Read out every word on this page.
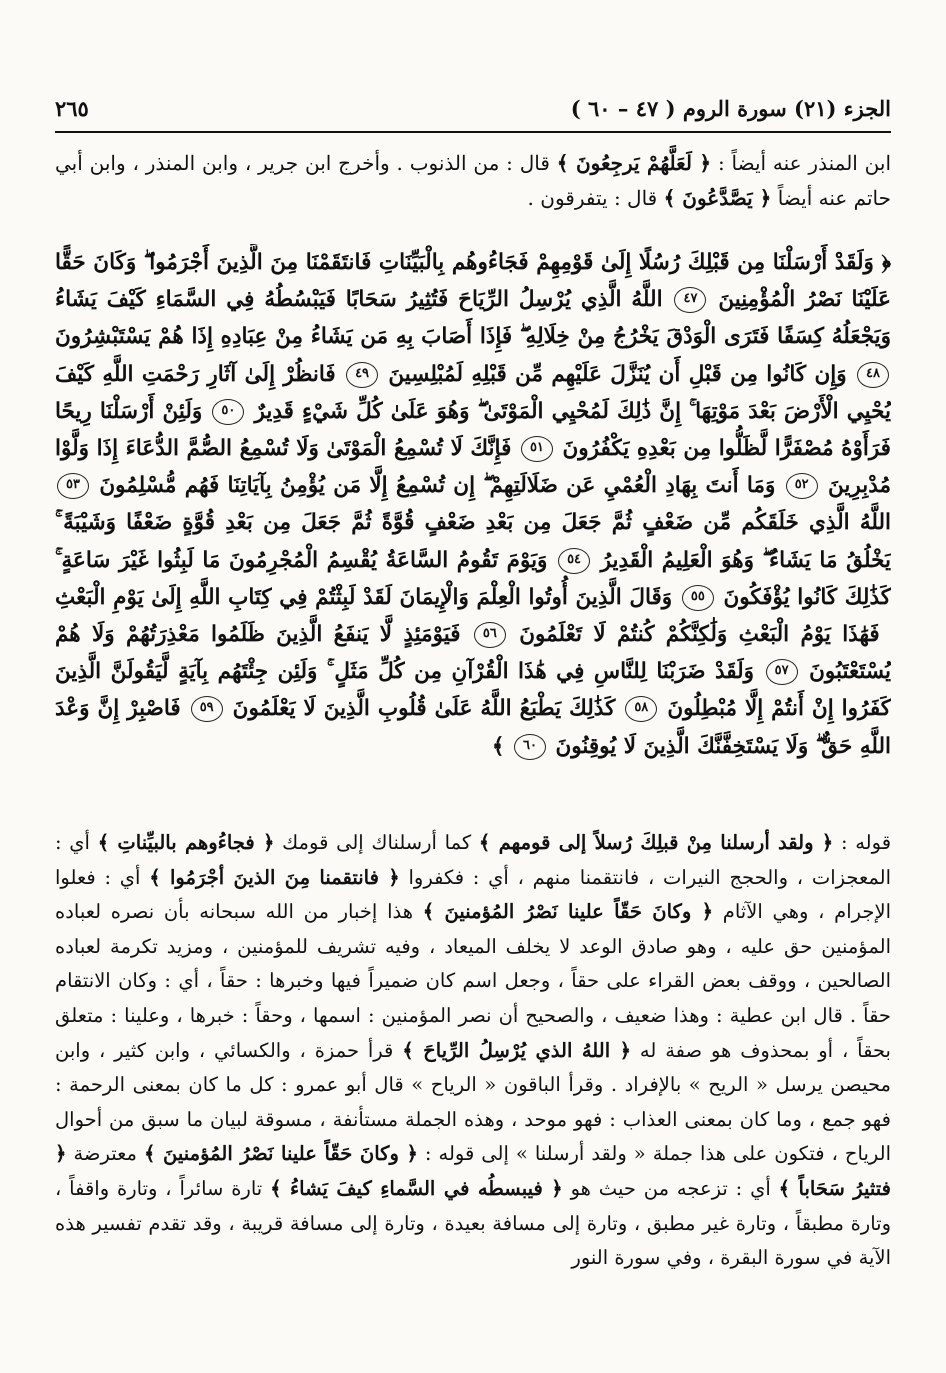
الجزء (٢١) سورة الروم ( ٤٧ – ٦٠ )
٢٦٥

ابن المنذر عنه أيضاً : ﴿ لَعَلَّهُمْ يَرجِعُونَ ﴾ قال : من الذنوب . وأخرج ابن جرير ، وابن المنذر ، وابن أبي حاتم عنه أيضاً ﴿ يَصَّدَّعُونَ ﴾ قال : يتفرقون .

﴿ وَلَقَدْ أَرْسَلْنَا مِن قَبْلِكَ رُسُلًا إِلَىٰ قَوْمِهِمْ فَجَاءُوهُم بِالْبَيِّنَاتِ فَانتَقَمْنَا مِنَ الَّذِينَ أَجْرَمُوا ۖ وَكَانَ حَقًّا عَلَيْنَا نَصْرُ الْمُؤْمِنِينَ ٤٧ اللَّهُ الَّذِي يُرْسِلُ الرِّيَاحَ فَتُثِيرُ سَحَابًا فَيَبْسُطُهُ فِي السَّمَاءِ كَيْفَ يَشَاءُ وَيَجْعَلُهُ كِسَفًا فَتَرَى الْوَدْقَ يَخْرُجُ مِنْ خِلَالِهِ ۖ فَإِذَا أَصَابَ بِهِ مَن يَشَاءُ مِنْ عِبَادِهِ إِذَا هُمْ يَسْتَبْشِرُونَ ٤٨ وَإِن كَانُوا مِن قَبْلِ أَن يُنَزَّلَ عَلَيْهِم مِّن قَبْلِهِ لَمُبْلِسِينَ ٤٩ فَانظُرْ إِلَىٰ آثَارِ رَحْمَتِ اللَّهِ كَيْفَ يُحْيِي الْأَرْضَ بَعْدَ مَوْتِهَا ۚ إِنَّ ذَٰلِكَ لَمُحْيِي الْمَوْتَىٰ ۖ وَهُوَ عَلَىٰ كُلِّ شَيْءٍ قَدِيرٌ ٥٠ وَلَئِنْ أَرْسَلْنَا رِيحًا فَرَأَوْهُ مُصْفَرًّا لَّظَلُّوا مِن بَعْدِهِ يَكْفُرُونَ ٥١ فَإِنَّكَ لَا تُسْمِعُ الْمَوْتَىٰ وَلَا تُسْمِعُ الصُّمَّ الدُّعَاءَ إِذَا وَلَّوْا مُدْبِرِينَ ٥٢ وَمَا أَنتَ بِهَادِ الْعُمْيِ عَن ضَلَالَتِهِمْ ۖ إِن تُسْمِعُ إِلَّا مَن يُؤْمِنُ بِآيَاتِنَا فَهُم مُّسْلِمُونَ ٥٣ اللَّهُ الَّذِي خَلَقَكُم مِّن ضَعْفٍ ثُمَّ جَعَلَ مِن بَعْدِ ضَعْفٍ قُوَّةً ثُمَّ جَعَلَ مِن بَعْدِ قُوَّةٍ ضَعْفًا وَشَيْبَةً ۚ يَخْلُقُ مَا يَشَاءُ ۖ وَهُوَ الْعَلِيمُ الْقَدِيرُ ٥٤ وَيَوْمَ تَقُومُ السَّاعَةُ يُقْسِمُ الْمُجْرِمُونَ مَا لَبِثُوا غَيْرَ سَاعَةٍ ۚ كَذَٰلِكَ كَانُوا يُؤْفَكُونَ ٥٥ وَقَالَ الَّذِينَ أُوتُوا الْعِلْمَ وَالْإِيمَانَ لَقَدْ لَبِثْتُمْ فِي كِتَابِ اللَّهِ إِلَىٰ يَوْمِ الْبَعْثِ ۖ فَهَٰذَا يَوْمُ الْبَعْثِ وَلَٰكِنَّكُمْ كُنتُمْ لَا تَعْلَمُونَ ٥٦ فَيَوْمَئِذٍ لَّا يَنفَعُ الَّذِينَ ظَلَمُوا مَعْذِرَتُهُمْ وَلَا هُمْ يُسْتَعْتَبُونَ ٥٧ وَلَقَدْ ضَرَبْنَا لِلنَّاسِ فِي هَٰذَا الْقُرْآنِ مِن كُلِّ مَثَلٍ ۚ وَلَئِن جِئْتَهُم بِآيَةٍ لَّيَقُولَنَّ الَّذِينَ كَفَرُوا إِنْ أَنتُمْ إِلَّا مُبْطِلُونَ ٥٨ كَذَٰلِكَ يَطْبَعُ اللَّهُ عَلَىٰ قُلُوبِ الَّذِينَ لَا يَعْلَمُونَ ٥٩ فَاصْبِرْ إِنَّ وَعْدَ اللَّهِ حَقٌّ ۖ وَلَا يَسْتَخِفَّنَّكَ الَّذِينَ لَا يُوقِنُونَ ٦٠ ﴾

قوله : ﴿ ولقد أرسلنا مِنْ قبلِكَ رُسلاً إلى قومهم ﴾ كما أرسلناك إلى قومك ﴿ فجاءُوهم بالبيِّناتِ ﴾ أي : المعجزات ، والحجج النيرات ، فانتقمنا منهم ، أي : فكفروا ﴿ فانتقمنا مِنَ الذينَ أجْرَمُوا ﴾ أي : فعلوا الإجرام ، وهي الآثام ﴿ وكانَ حَقّاً علينا نَصْرُ المُؤمنينَ ﴾ هذا إخبار من الله سبحانه بأن نصره لعباده المؤمنين حق عليه ، وهو صادق الوعد لا يخلف الميعاد ، وفيه تشريف للمؤمنين ، ومزيد تكرمة لعباده الصالحين ، ووقف بعض القراء على حقاً ، وجعل اسم كان ضميراً فيها وخبرها : حقاً ، أي : وكان الانتقام حقاً . قال ابن عطية : وهذا ضعيف ، والصحيح أن نصر المؤمنين : اسمها ، وحقاً : خبرها ، وعلينا : متعلق بحقاً ، أو بمحذوف هو صفة له ﴿ اللهُ الذي يُرْسِلُ الرِّياحَ ﴾ قرأ حمزة ، والكسائي ، وابن كثير ، وابن محيصن يرسل « الريح » بالإفراد . وقرأ الباقون « الرياح » قال أبو عمرو : كل ما كان بمعنى الرحمة : فهو جمع ، وما كان بمعنى العذاب : فهو موحد ، وهذه الجملة مستأنفة ، مسوقة لبيان ما سبق من أحوال الرياح ، فتكون على هذا جملة « ولقد أرسلنا » إلى قوله : ﴿ وكانَ حَقّاً علينا نَصْرُ المُؤمنينَ ﴾ معترضة ﴿ فتثيرُ سَحَاباً ﴾ أي : تزعجه من حيث هو ﴿ فيبسطُه في السَّماءِ كيفَ يَشاءُ ﴾ تارة سائراً ، وتارة واقفاً ، وتارة مطبقاً ، وتارة غير مطبق ، وتارة إلى مسافة بعيدة ، وتارة إلى مسافة قريبة ، وقد تقدم تفسير هذه الآية في سورة البقرة ، وفي سورة النور
